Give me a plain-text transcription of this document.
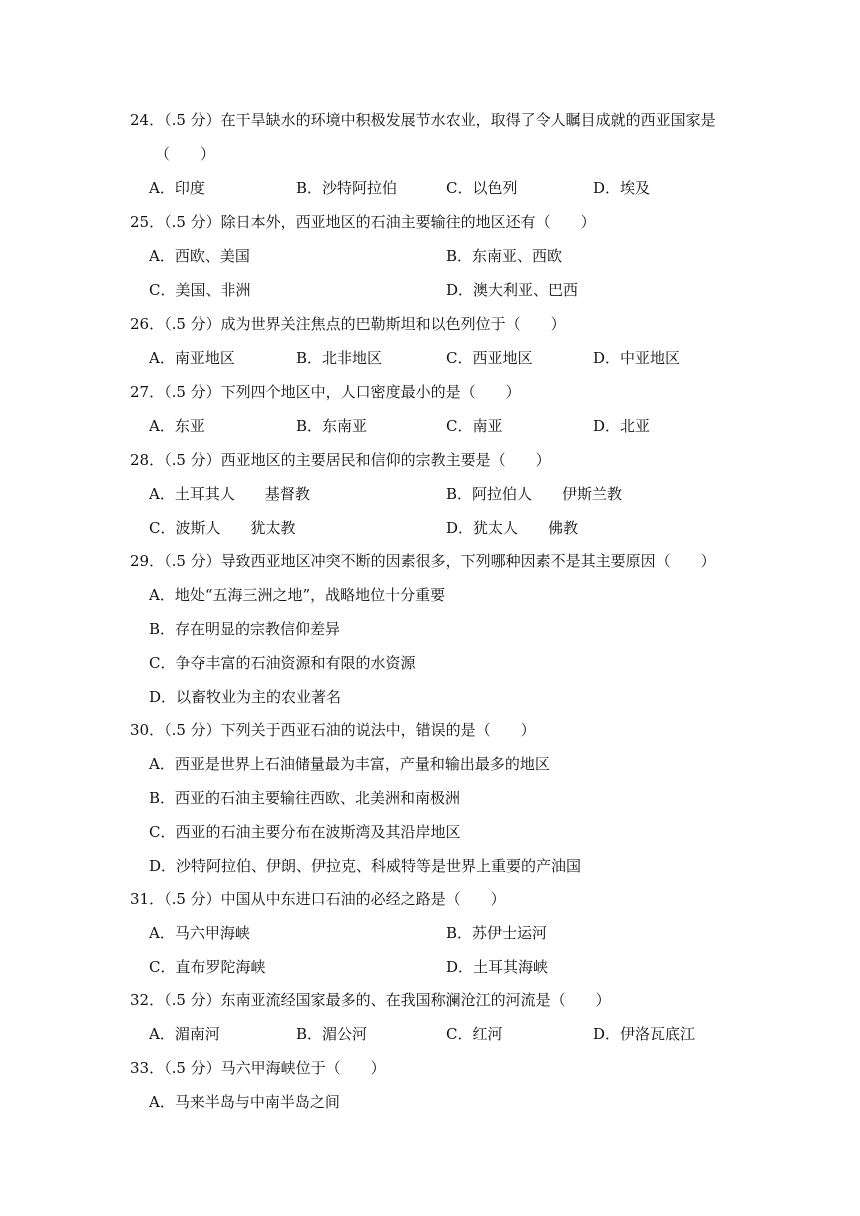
24．（.5 分）在干旱缺水的环境中积极发展节水农业，取得了令人瞩目成就的西亚国家是
（　　）
A．印度	B．沙特阿拉伯	C．以色列	D．埃及
25．（.5 分）除日本外，西亚地区的石油主要输往的地区还有（　　）
A．西欧、美国	B．东南亚、西欧
C．美国、非洲	D．澳大利亚、巴西
26．（.5 分）成为世界关注焦点的巴勒斯坦和以色列位于（　　）
A．南亚地区	B．北非地区	C．西亚地区	D．中亚地区
27．（.5 分）下列四个地区中，人口密度最小的是（　　）
A．东亚	B．东南亚	C．南亚	D．北亚
28．（.5 分）西亚地区的主要居民和信仰的宗教主要是（　　）
A．土耳其人　　基督教	B．阿拉伯人　　伊斯兰教
C．波斯人　　犹太教	D．犹太人　　佛教
29．（.5 分）导致西亚地区冲突不断的因素很多，下列哪种因素不是其主要原因（　　）
A．地处“五海三洲之地”，战略地位十分重要
B．存在明显的宗教信仰差异
C．争夺丰富的石油资源和有限的水资源
D．以畜牧业为主的农业著名
30．（.5 分）下列关于西亚石油的说法中，错误的是（　　）
A．西亚是世界上石油储量最为丰富，产量和输出最多的地区
B．西亚的石油主要输往西欧、北美洲和南极洲
C．西亚的石油主要分布在波斯湾及其沿岸地区
D．沙特阿拉伯、伊朗、伊拉克、科威特等是世界上重要的产油国
31．（.5 分）中国从中东进口石油的必经之路是（　　）
A．马六甲海峡	B．苏伊士运河
C．直布罗陀海峡	D．土耳其海峡
32．（.5 分）东南亚流经国家最多的、在我国称澜沧江的河流是（　　）
A．湄南河	B．湄公河	C．红河	D．伊洛瓦底江
33．（.5 分）马六甲海峡位于（　　）
A．马来半岛与中南半岛之间
